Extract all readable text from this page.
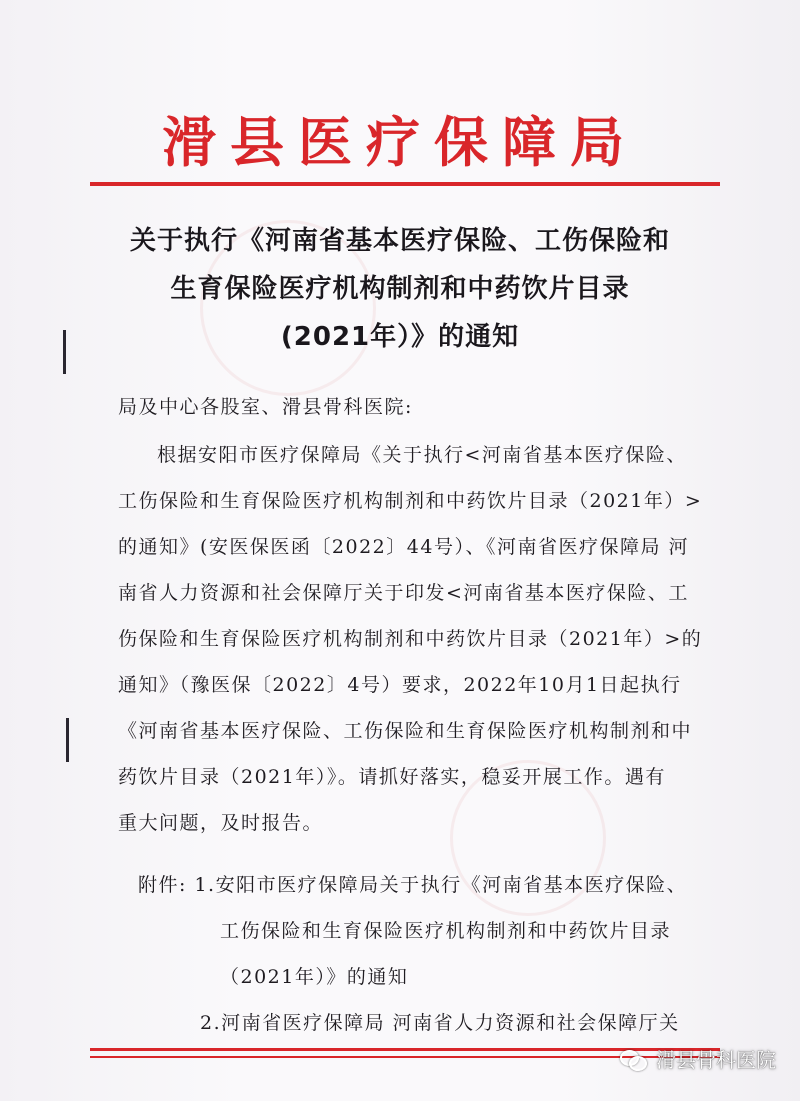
滑县医疗保障局
关于执行《河南省基本医疗保险、工伤保险和
生育保险医疗机构制剂和中药饮片目录
(2021年）》的通知
局及中心各股室、滑县骨科医院:
根据安阳市医疗保障局《关于执行<河南省基本医疗保险、
工伤保险和生育保险医疗机构制剂和中药饮片目录（2021年）>
的通知》(安医保医函〔2022〕44号）、《河南省医疗保障局 河
南省人力资源和社会保障厅关于印发<河南省基本医疗保险、工
伤保险和生育保险医疗机构制剂和中药饮片目录（2021年）>的
通知》（豫医保〔2022〕4号）要求，2022年10月1日起执行
《河南省基本医疗保险、工伤保险和生育保险医疗机构制剂和中
药饮片目录（2021年）》。请抓好落实，稳妥开展工作。遇有
重大问题，及时报告。
附件: 1.安阳市医疗保障局关于执行《河南省基本医疗保险、
工伤保险和生育保险医疗机构制剂和中药饮片目录
（2021年）》的通知
2.河南省医疗保障局 河南省人力资源和社会保障厅关
滑县骨科医院
